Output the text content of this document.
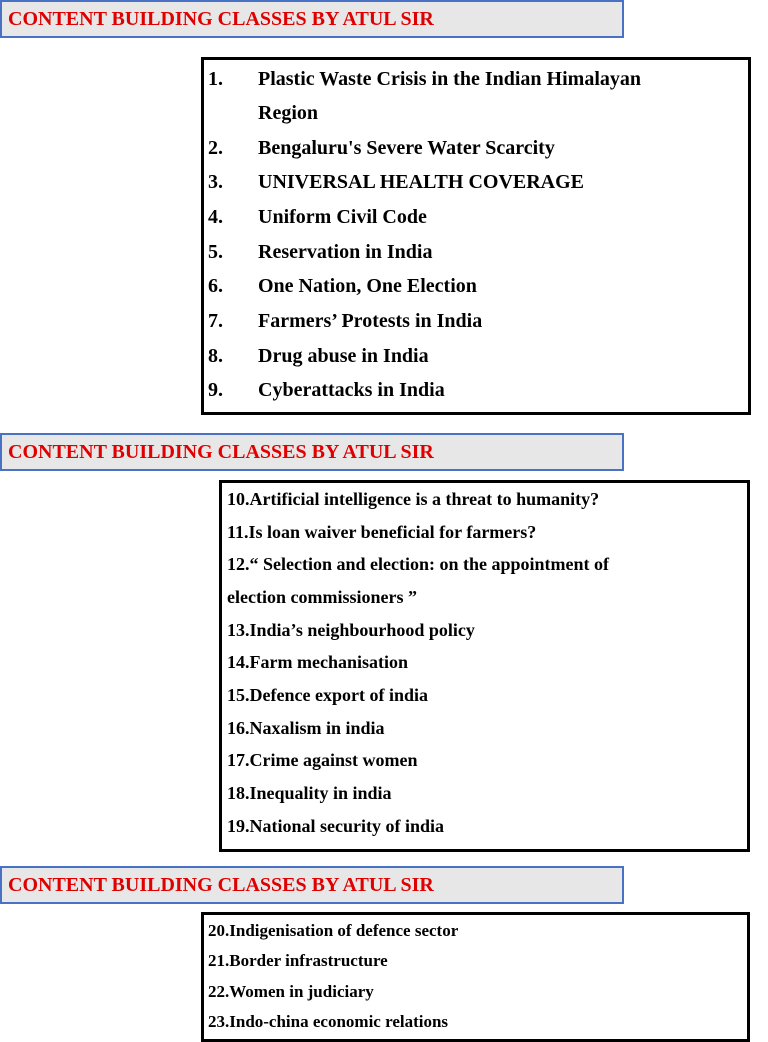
CONTENT BUILDING CLASSES BY ATUL SIR
1. Plastic Waste Crisis in the Indian Himalayan
Region
2. Bengaluru's Severe Water Scarcity
3. UNIVERSAL HEALTH COVERAGE
4. Uniform Civil Code
5. Reservation in India
6. One Nation, One Election
7. Farmers’ Protests in India
8. Drug abuse in India
9. Cyberattacks in India
CONTENT BUILDING CLASSES BY ATUL SIR
10.Artificial intelligence is a threat to humanity?
11.Is loan waiver beneficial for farmers?
12.“ Selection and election: on the appointment of
election commissioners ”
13.India’s neighbourhood policy
14.Farm mechanisation
15.Defence export of india
16.Naxalism in india
17.Crime against women
18.Inequality in india
19.National security of india
CONTENT BUILDING CLASSES BY ATUL SIR
20.Indigenisation of defence sector
21.Border infrastructure
22.Women in judiciary
23.Indo-china economic relations
